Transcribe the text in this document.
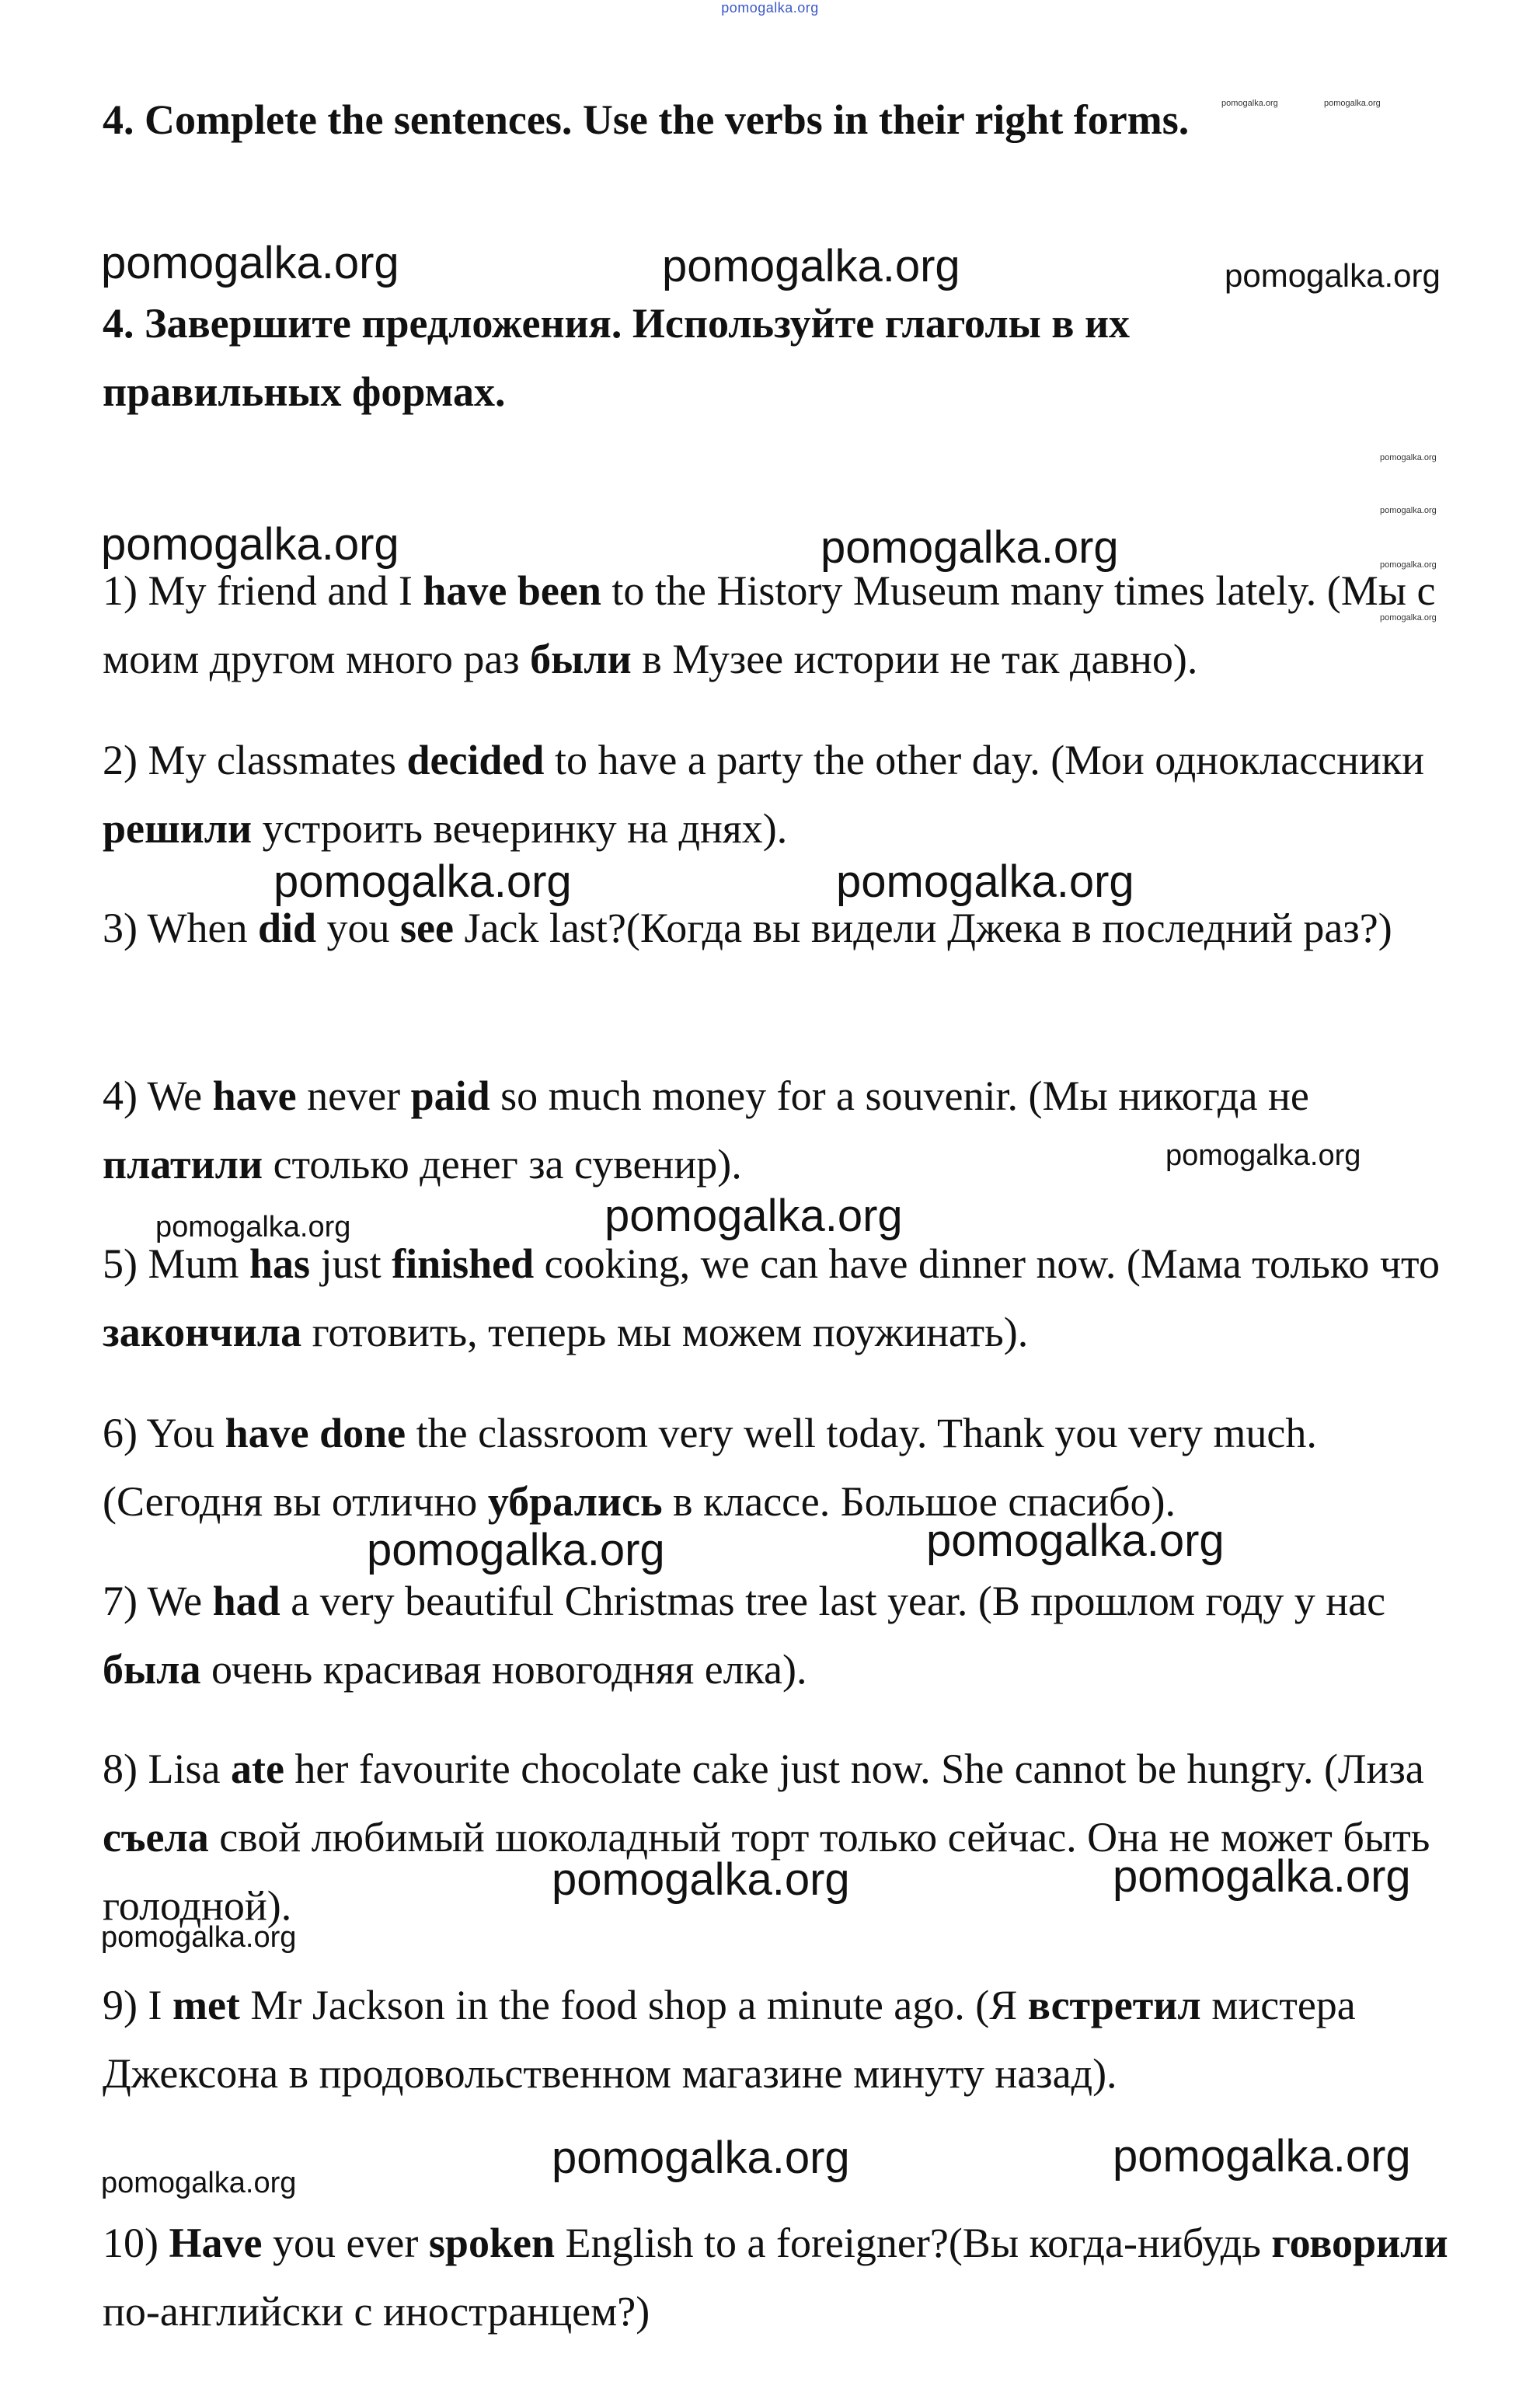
pomogalka.org
4. Complete the sentences. Use the verbs in their right forms.
4. Завершите предложения. Используйте глаголы в их
правильных формах.

1) My friend and I have been to the History Museum many times lately. (Мы с моим другом много раз были в Музее истории не так давно).

2) My classmates decided to have a party the other day. (Мои одноклассники решили устроить вечеринку на днях).

3) When did you see Jack last?(Когда вы видели Джека в последний раз?)

4) We have never paid so much money for a souvenir. (Мы никогда не платили столько денег за сувенир).

5) Mum has just finished cooking, we can have dinner now. (Мама только что закончила готовить, теперь мы можем поужинать).

6) You have done the classroom very well today. Thank you very much. (Сегодня вы отлично убрались в классе. Большое спасибо).

7) We had a very beautiful Christmas tree last year. (В прошлом году у нас была очень красивая новогодняя елка).

8) Lisa ate her favourite chocolate cake just now. She cannot be hungry. (Лиза съела свой любимый шоколадный торт только сейчас. Она не может быть голодной).

9) I met Mr Jackson in the food shop a minute ago. (Я встретил мистера Джексона в продовольственном магазине минуту назад).

10) Have you ever spoken English to a foreigner?(Вы когда-нибудь говорили по-английски с иностранцем?)

pomogalka.org	pomogalka.org
pomogalka.org	pomogalka.org	pomogalka.org
pomogalka.org
pomogalka.org
pomogalka.org
pomogalka.org
pomogalka.org	pomogalka.org
pomogalka.org	pomogalka.org
pomogalka.org
pomogalka.org	pomogalka.org
pomogalka.org	pomogalka.org
pomogalka.org	pomogalka.org
pomogalka.org
pomogalka.org	pomogalka.org
pomogalka.org
